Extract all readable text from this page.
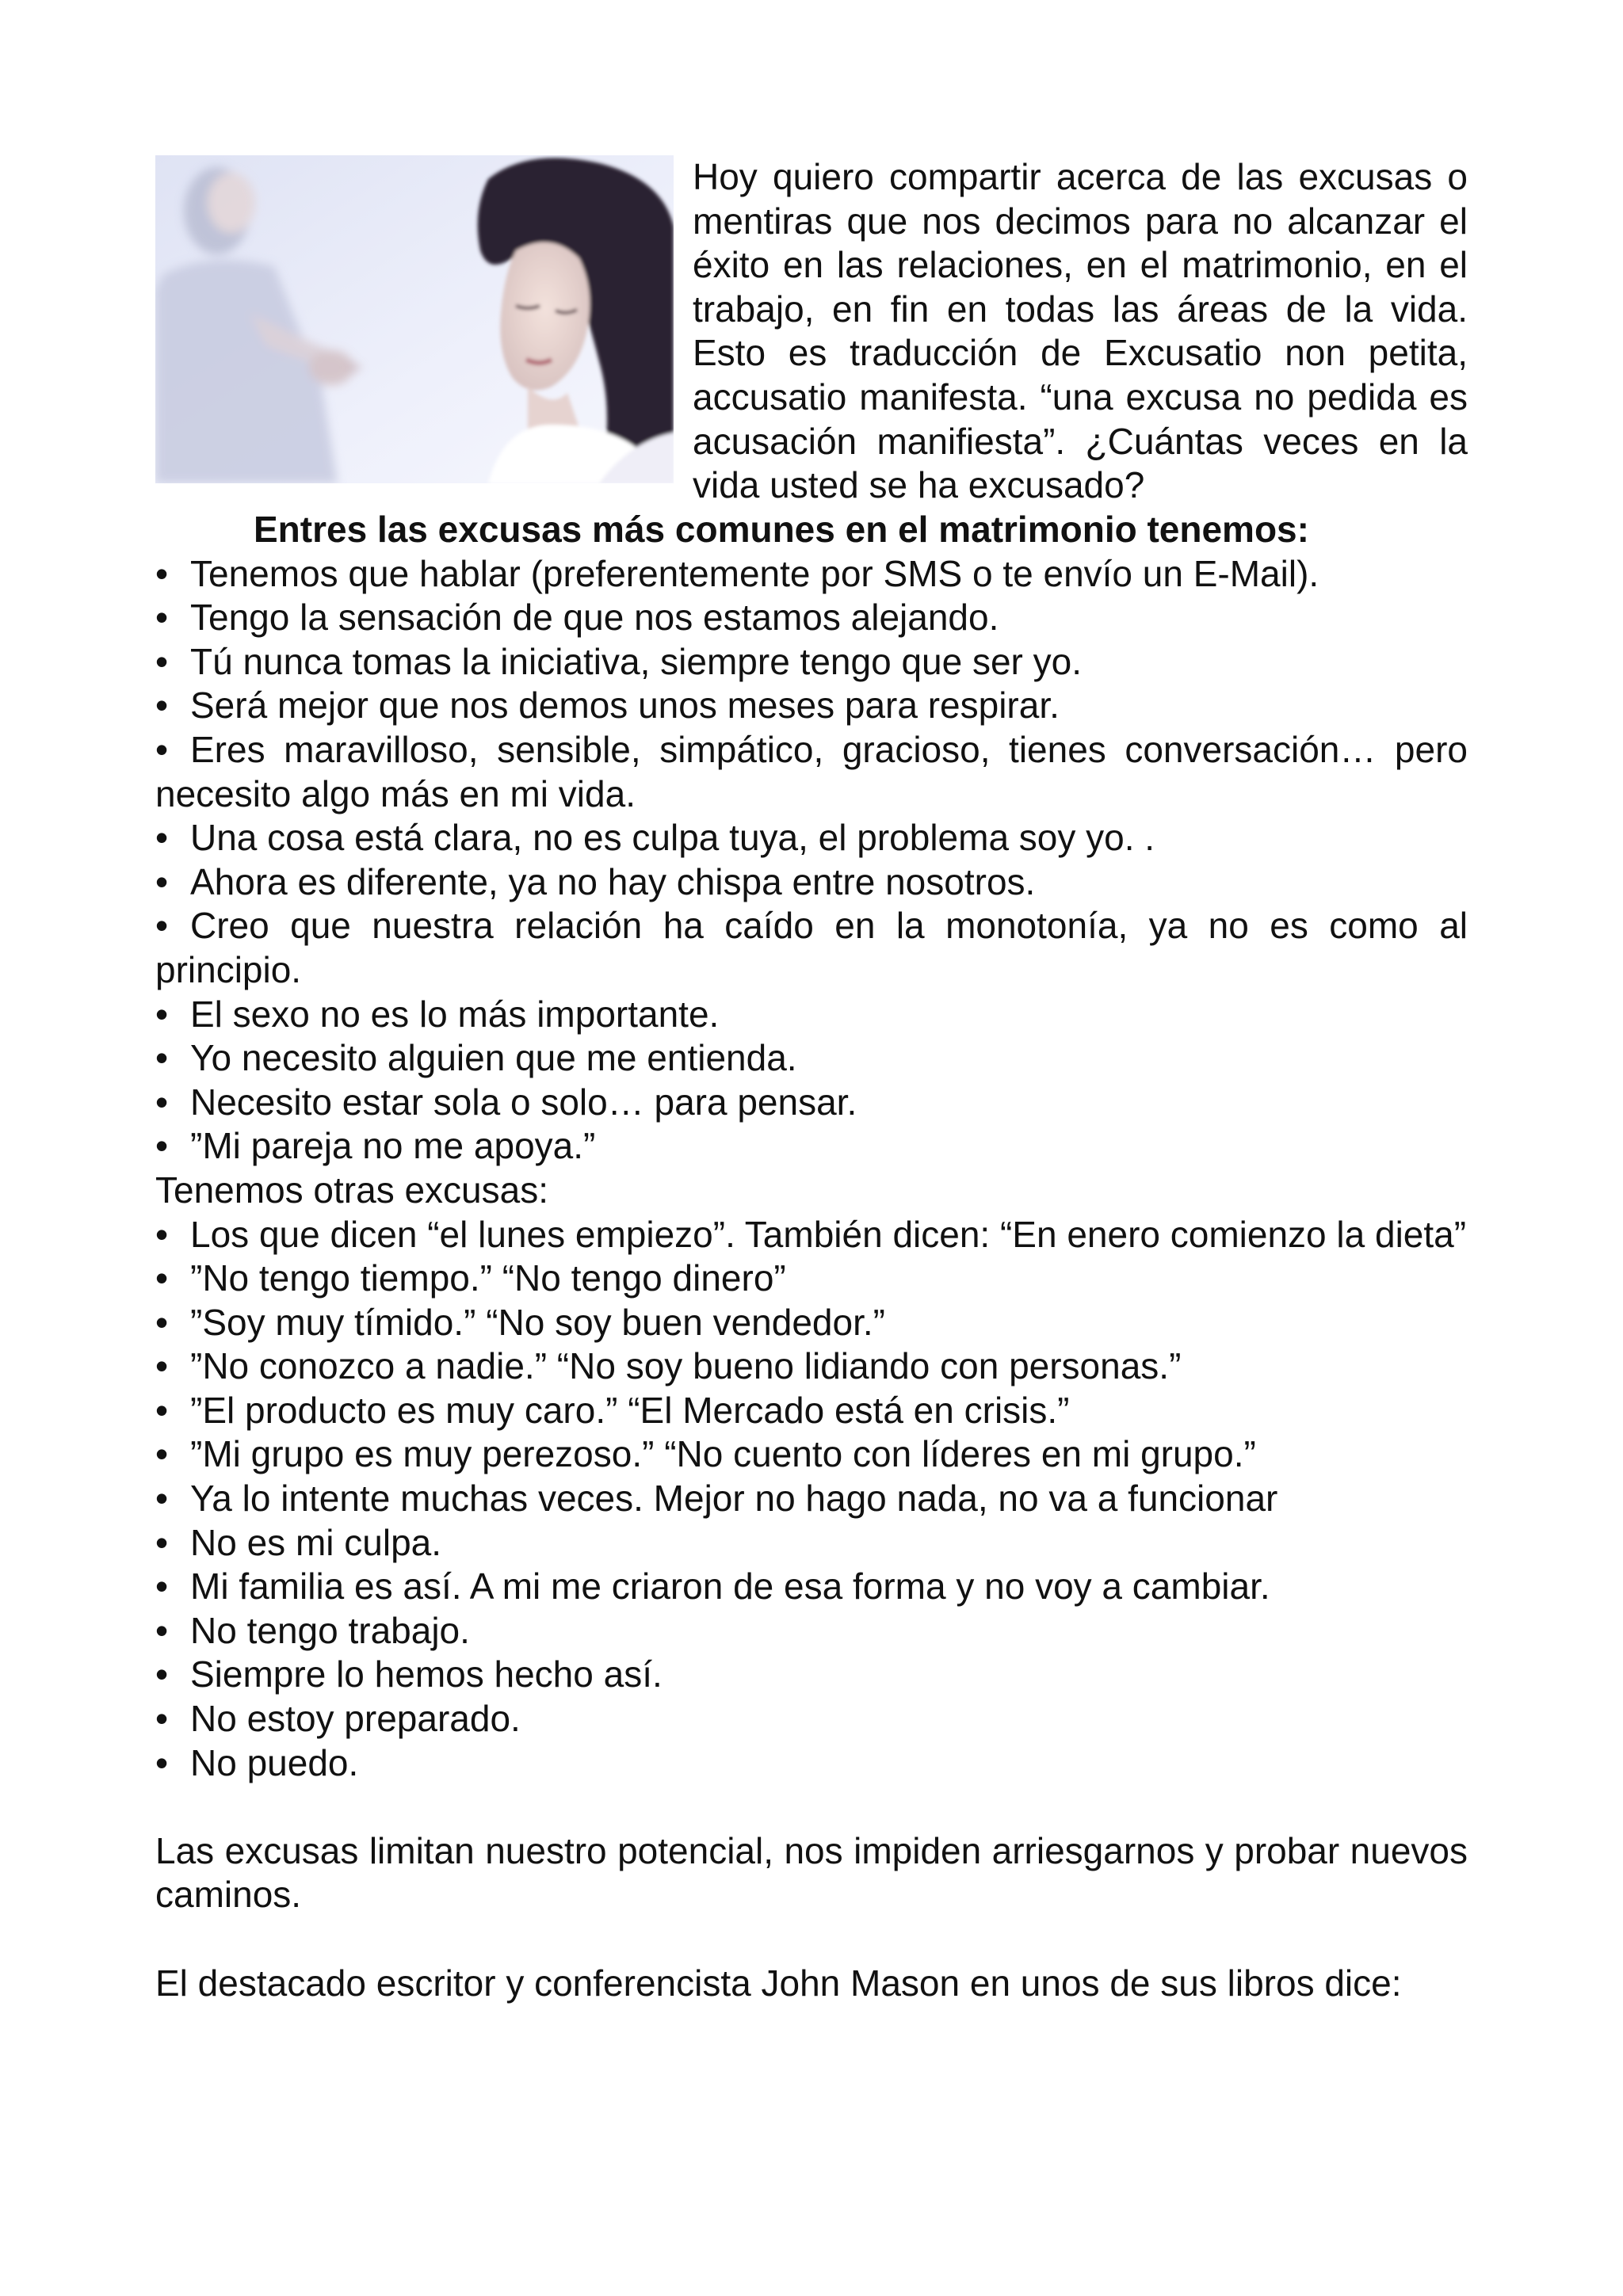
Hoy quiero compartir acerca de las excusas o mentiras que nos decimos para no alcanzar el éxito en las relaciones, en el matrimonio, en el trabajo, en fin en todas las áreas de la vida. Esto es traducción de Excusatio non petita, accusatio manifesta. “una excusa no pedida es acusación manifiesta”. ¿Cuántas veces en la vida usted se ha excusado?

Entres las excusas más comunes en el matrimonio tenemos:

• Tenemos que hablar (preferentemente por SMS o te envío un E-Mail).
• Tengo la sensación de que nos estamos alejando.
• Tú nunca tomas la iniciativa, siempre tengo que ser yo.
• Será mejor que nos demos unos meses para respirar.
• Eres maravilloso, sensible, simpático, gracioso, tienes conversación… pero necesito algo más en mi vida.
• Una cosa está clara, no es culpa tuya, el problema soy yo. .
• Ahora es diferente, ya no hay chispa entre nosotros.
• Creo que nuestra relación ha caído en la monotonía, ya no es como al principio.
• El sexo no es lo más importante.
• Yo necesito alguien que me entienda.
• Necesito estar sola o solo… para pensar.
• ”Mi pareja no me apoya.”

Tenemos otras excusas:

• Los que dicen “el lunes empiezo”. También dicen: “En enero comienzo la dieta”
• ”No tengo tiempo.” “No tengo dinero”
• ”Soy muy tímido.” “No soy buen vendedor.”
• ”No conozco a nadie.” “No soy bueno lidiando con personas.”
• ”El producto es muy caro.” “El Mercado está en crisis.”
• ”Mi grupo es muy perezoso.” “No cuento con líderes en mi grupo.”
• Ya lo intente muchas veces. Mejor no hago nada, no va a funcionar
• No es mi culpa.
• Mi familia es así. A mi me criaron de esa forma y no voy a cambiar.
• No tengo trabajo.
• Siempre lo hemos hecho así.
• No estoy preparado.
• No puedo.

Las excusas limitan nuestro potencial, nos impiden arriesgarnos y probar nuevos caminos.

El destacado escritor y conferencista John Mason en unos de sus libros dice:
